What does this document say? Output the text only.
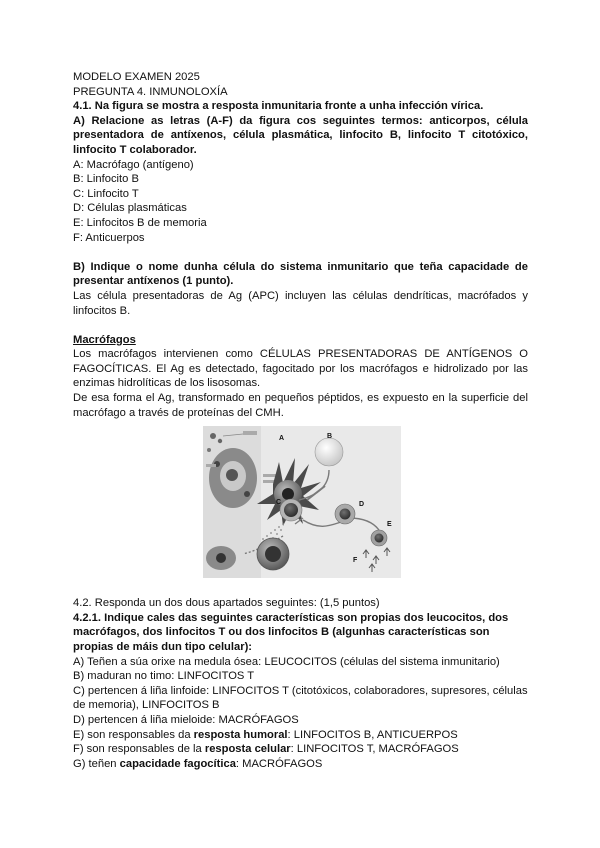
MODELO EXAMEN 2025

PREGUNTA 4. INMUNOLOXÍA

4.1. Na figura se mostra a resposta inmunitaria fronte a unha infección vírica.

A) Relacione as letras (A-F) da figura cos seguintes termos: anticorpos, célula presentadora de antíxenos, célula plasmática, linfocito B, linfocito T citotóxico, linfocito T colaborador.

A: Macrófago (antígeno)

B: Linfocito B

C: Linfocito T

D: Células plasmáticas

E: Linfocitos B de memoria

F: Anticuerpos

B) Indique o nome dunha célula do sistema inmunitario que teña capacidade de presentar antíxenos (1 punto).

Las célula presentadoras de Ag (APC) incluyen las células dendríticas, macrófados y linfocitos B.

Macrófagos

Los macrófagos intervienen como CÉLULAS PRESENTADORAS DE ANTÍGENOS O FAGOCÍTICAS. El Ag es detectado, fagocitado por los macrófagos e hidrolizado por las enzimas hidrolíticas de los lisosomas.

De esa forma el Ag, transformado en pequeños péptidos, es expuesto en la superficie del macrófago a través de proteínas del CMH.

A	B
C	D
E
F

4.2. Responda un dos dous apartados seguintes: (1,5 puntos)

4.2.1. Indique cales das seguintes características son propias dos leucocitos, dos macrófagos, dos linfocitos T ou dos linfocitos B (algunhas características son propias de máis dun tipo celular):

A) Teñen a súa orixe na medula ósea: LEUCOCITOS (células del sistema inmunitario)

B) maduran no timo: LINFOCITOS T

C) pertencen á liña linfoide: LINFOCITOS T (citotóxicos, colaboradores, supresores, células de memoria), LINFOCITOS B

D) pertencen á liña mieloide: MACRÓFAGOS

E) son responsables da resposta humoral: LINFOCITOS B, ANTICUERPOS

F) son responsables de la resposta celular: LINFOCITOS T, MACRÓFAGOS

G) teñen capacidade fagocítica: MACRÓFAGOS
